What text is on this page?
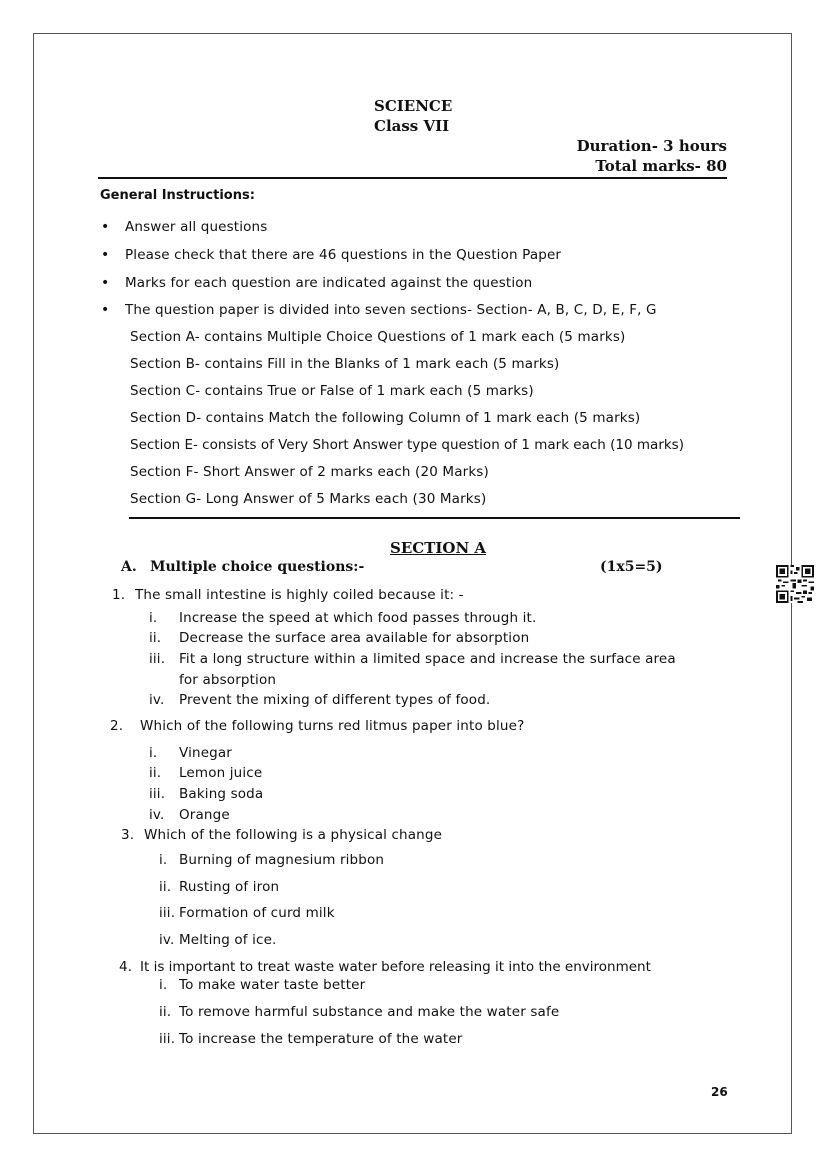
SCIENCE
Class VII
Duration- 3 hours
Total marks- 80
General Instructions:
• Answer all questions
• Please check that there are 46 questions in the Question Paper
• Marks for each question are indicated against the question
• The question paper is divided into seven sections- Section- A, B, C, D, E, F, G
Section A- contains Multiple Choice Questions of 1 mark each (5 marks)
Section B- contains Fill in the Blanks of 1 mark each (5 marks)
Section C- contains True or False of 1 mark each (5 marks)
Section D- contains Match the following Column of 1 mark each (5 marks)
Section E- consists of Very Short Answer type question of 1 mark each (10 marks)
Section F- Short Answer of 2 marks each (20 Marks)
Section G- Long Answer of 5 Marks each (30 Marks)
SECTION A
A. Multiple choice questions:-	(1x5=5)
1. The small intestine is highly coiled because it: -
i. Increase the speed at which food passes through it.
ii. Decrease the surface area available for absorption
iii. Fit a long structure within a limited space and increase the surface area
for absorption
iv. Prevent the mixing of different types of food.
2. Which of the following turns red litmus paper into blue?
i. Vinegar
ii. Lemon juice
iii. Baking soda
iv. Orange
3. Which of the following is a physical change
i. Burning of magnesium ribbon
ii. Rusting of iron
iii. Formation of curd milk
iv. Melting of ice.
4. It is important to treat waste water before releasing it into the environment
i. To make water taste better
ii. To remove harmful substance and make the water safe
iii. To increase the temperature of the water
26
